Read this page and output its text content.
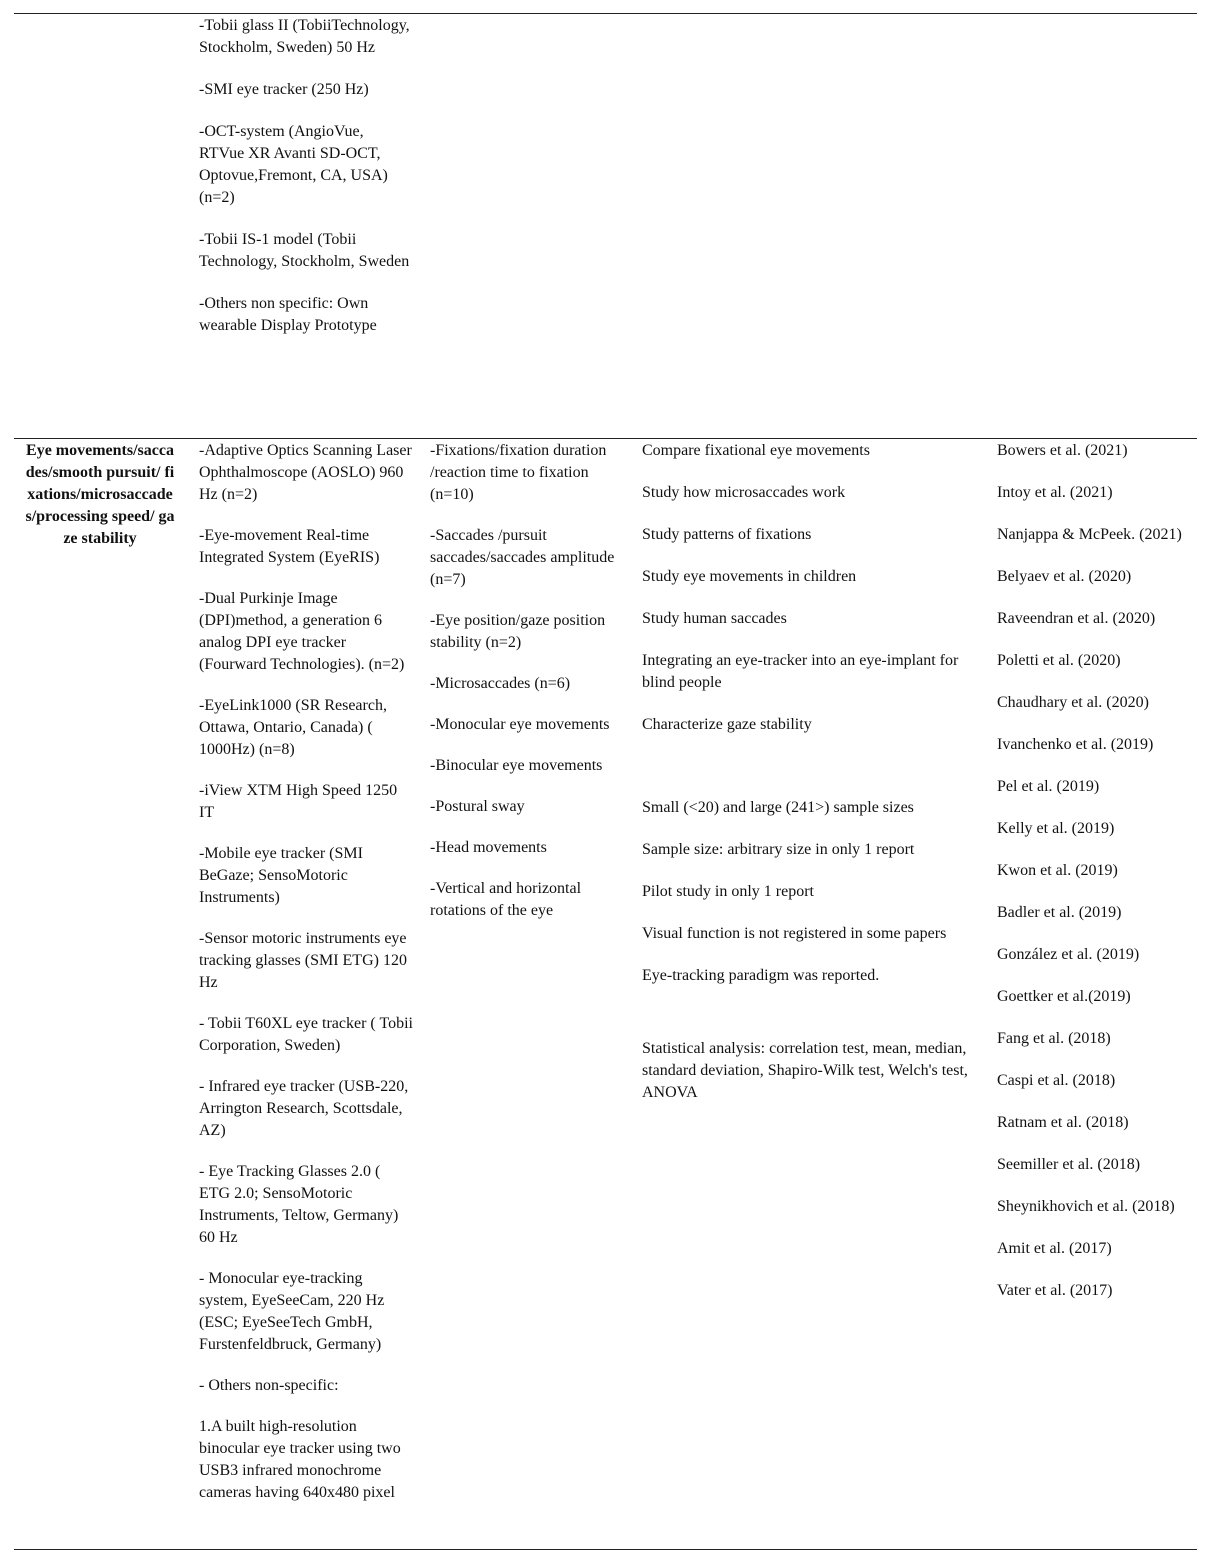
-Tobii glass II (TobiiTechnology, Stockholm, Sweden) 50 Hz

-SMI eye tracker (250 Hz)

-OCT-system (AngioVue, RTVue XR Avanti SD-OCT, Optovue,Fremont, CA, USA) (n=2)

-Tobii IS-1 model (Tobii Technology, Stockholm, Sweden

-Others non specific: Own wearable Display Prototype

Eye movements/saccades/smooth pursuit/ fixations/microsaccades/processing speed/ gaze stability

-Adaptive Optics Scanning Laser Ophthalmoscope (AOSLO) 960 Hz (n=2)

-Eye-movement Real-time Integrated System (EyeRIS)

-Dual Purkinje Image (DPI)method, a generation 6 analog DPI eye tracker (Fourward Technologies). (n=2)

-EyeLink1000 (SR Research, Ottawa, Ontario, Canada) ( 1000Hz) (n=8)

-iView XTM High Speed 1250 IT

-Mobile eye tracker (SMI BeGaze; SensoMotoric Instruments)

-Sensor motoric instruments eye tracking glasses (SMI ETG) 120 Hz

- Tobii T60XL eye tracker ( Tobii Corporation, Sweden)

- Infrared eye tracker (USB-220, Arrington Research, Scottsdale, AZ)

- Eye Tracking Glasses 2.0 ( ETG 2.0; SensoMotoric Instruments, Teltow, Germany) 60 Hz

- Monocular eye-tracking system, EyeSeeCam, 220 Hz (ESC; EyeSeeTech GmbH, Furstenfeldbruck, Germany)

- Others non-specific:

1.A built high-resolution binocular eye tracker using two USB3 infrared monochrome cameras having 640x480 pixel

-Fixations/fixation duration /reaction time to fixation (n=10)

-Saccades /pursuit saccades/saccades amplitude (n=7)

-Eye position/gaze position stability (n=2)

-Microsaccades (n=6)

-Monocular eye movements

-Binocular eye movements

-Postural sway

-Head movements

-Vertical and horizontal rotations of the eye

Compare fixational eye movements

Study how microsaccades work

Study patterns of fixations

Study eye movements in children

Study human saccades

Integrating an eye-tracker into an eye-implant for blind people

Characterize gaze stability

Small (<20) and large (241>) sample sizes

Sample size: arbitrary size in only 1 report

Pilot study in only 1 report

Visual function is not registered in some papers

Eye-tracking paradigm was reported.

Statistical analysis: correlation test, mean, median, standard deviation, Shapiro-Wilk test, Welch's test, ANOVA

Bowers et al. (2021)

Intoy et al. (2021)

Nanjappa & McPeek. (2021)

Belyaev et al. (2020)

Raveendran et al. (2020)

Poletti et al. (2020)

Chaudhary et al. (2020)

Ivanchenko et al. (2019)

Pel et al. (2019)

Kelly et al. (2019)

Kwon et al. (2019)

Badler et al. (2019)

González et al. (2019)

Goettker et al.(2019)

Fang et al. (2018)

Caspi et al. (2018)

Ratnam et al. (2018)

Seemiller et al. (2018)

Sheynikhovich et al. (2018)

Amit et al. (2017)

Vater et al. (2017)
